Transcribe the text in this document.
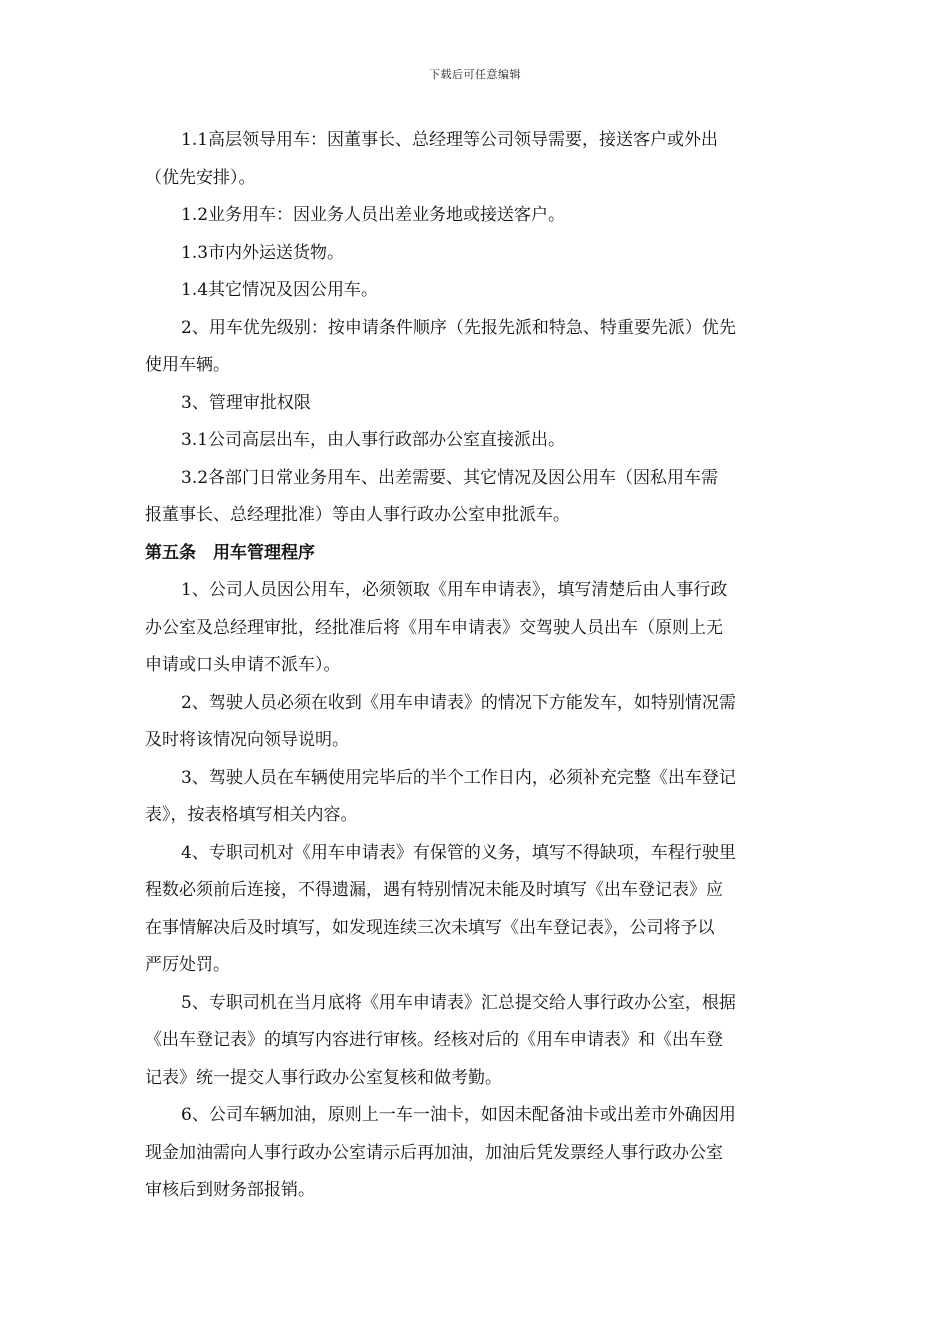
下载后可任意编辑
1.1高层领导用车：因董事长、总经理等公司领导需要，接送客户或外出
（优先安排）。
1.2业务用车：因业务人员出差业务地或接送客户。
1.3市内外运送货物。
1.4其它情况及因公用车。
2、用车优先级别：按申请条件顺序（先报先派和特急、特重要先派）优先
使用车辆。
3、管理审批权限
3.1公司高层出车，由人事行政部办公室直接派出。
3.2各部门日常业务用车、出差需要、其它情况及因公用车（因私用车需
报董事长、总经理批准）等由人事行政办公室申批派车。
第五条　用车管理程序
1、公司人员因公用车，必须领取《用车申请表》，填写清楚后由人事行政
办公室及总经理审批，经批准后将《用车申请表》交驾驶人员出车（原则上无
申请或口头申请不派车）。
2、驾驶人员必须在收到《用车申请表》的情况下方能发车，如特别情况需
及时将该情况向领导说明。
3、驾驶人员在车辆使用完毕后的半个工作日内，必须补充完整《出车登记
表》，按表格填写相关内容。
4、专职司机对《用车申请表》有保管的义务，填写不得缺项，车程行驶里
程数必须前后连接，不得遗漏，遇有特别情况未能及时填写《出车登记表》应
在事情解决后及时填写，如发现连续三次未填写《出车登记表》，公司将予以
严厉处罚。
5、专职司机在当月底将《用车申请表》汇总提交给人事行政办公室，根据
《出车登记表》的填写内容进行审核。经核对后的《用车申请表》和《出车登
记表》统一提交人事行政办公室复核和做考勤。
6、公司车辆加油，原则上一车一油卡，如因未配备油卡或出差市外确因用
现金加油需向人事行政办公室请示后再加油，加油后凭发票经人事行政办公室
审核后到财务部报销。
